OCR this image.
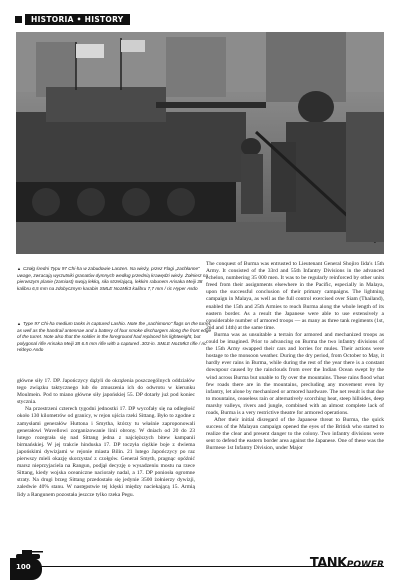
HISTORIA • HISTORY
▲ Czołg średni Typu 97 Chi-ha w zabudowie Lanzen. Na wieży, przez Flagi „zachłanne" uwage, zwracają wyrzutniki granatów dymnych według przednią krawędzi wieży. Żołnierz na pierwszym planie (zamiast) swoją lekką, siła strzelającą, lekkim rabunem Arisaka Meiji 38 kalibru 6,5 mm na zdobycznym karabin SMLE No1Mk3 kalibru 7,7 mm / ric Hyper Asdo
▲ Type 97 Chi-ha medium tanks in captured Lashio. Note the „sachimono" flags on the turret, as well as the handrail antennae and a battery of four smoke dischargers along the front edge of the turret. Note also that the soldier in the foreground had replaced his lightweight, but polygonal rifle Arisaka Meiji 38 6.5 mm rifle with a captured .303-in. SMLE No1Mk3 rifle / ric Hideyo Asdo

The conquest of Burma was entrusted to Lieutenant General Shojiro Iida's 15th Army. It consisted of the 33rd and 55th Infantry Divisions in the advanced echelon, numbering 35 000 men. It was to be regularly reinforced by other units freed from their assignments elsewhere in the Pacific, especially in Malaya, upon the successful conclusion of their primary campaigns. The lightning campaign in Malaya, as well as the full control exercised over Siam (Thailand), enabled the 15th and 25th Armies to reach Burma along the whole length of its eastern border. As a result the Japanese were able to use extensively a considerable number of armored troops — as many as three tank regiments (1st, 2nd and 14th) at the same time.

Burma was as unsuitable a terrain for armored and mechanized troops as could be imagined. Prior to advancing on Burma the two infantry divisions of the 15th Army swapped their cars and lorries for mules. Their actions were hostage to the monsoon weather. During the dry period, from October to May, it hardly ever rains in Burma, while during the rest of the year there is a constant downpour caused by the rainclouds from over the Indian Ocean swept by the wind across Burma but unable to fly over the mountains. These rains flood what few roads there are in the mountains, precluding any movement even by infantry, let alone by mechanized or armored hardware. The net result is that due to mountains, ceaseless rain or alternatively scorching heat, steep hillsides, deep marshy valleys, rivers and jungle, combined with an almost complete lack of roads, Burma is a very restrictive theatre for armored operations.

After their initial disregard of the Japanese threat to Burma, the quick success of the Malayan campaign opened the eyes of the British who started to realize the clear and present danger to the colony. Two infantry divisions were sent to defend the eastern border area against the Japanese. One of these was the Burmese 1st Infantry Division, under Major

główne siły 17. DP. Japończycy dążyli do okrążenia poszczególnych oddziałów tego związku taktycznego lub do zmuszenia ich do odwrotu w kierunku Moulmein. Pod to miano główne siły japońskiej 55. DP dotarły już pod koniec stycznia.

Na przestrzeni czterech tygodni jednostki 17. DP wycofały się na odległość około 130 kilometrów od granicy, w rejon ujścia rzeki Sittang. Było to zgodne z zamysłami generałów Huttona i Smytha, którzy tu właśnie zaproponowali generałowi Wavellowi zorganizowanie linii obrony. W dniach od 20 do 23 lutego rozegrała się nad Sittang jedna z najcięższych bitew kampanii birmańskiej. W jej trakcie hinduska 17. DP toczyła ciężkie boje z dwiema japońskimi dywizjami w rejonie miasta Bilin. 21 lutego Japończycy po raz pierwszy mieli okazję skorzystać z czołgów. Generał Smyth, pragnąc opóźnić marsz nieprzyjaciela na Rangun, podjął decyzję o wysadzeniu mostu na rzece Sittang, kiedy wojska oceaniczne naciorały nadal, a 17. DP poniosła ogromne straty. Na drugi brzeg Sittang przedostało się jedynie 3500 żołnierzy dywizji, zaledwie 40% stanu. W następstwie tej klęski między naciekającą 15. Armią Iidy a Rangunem pozostała jeszcze tylko rzeka Pegu.

100	TANKPOWER
